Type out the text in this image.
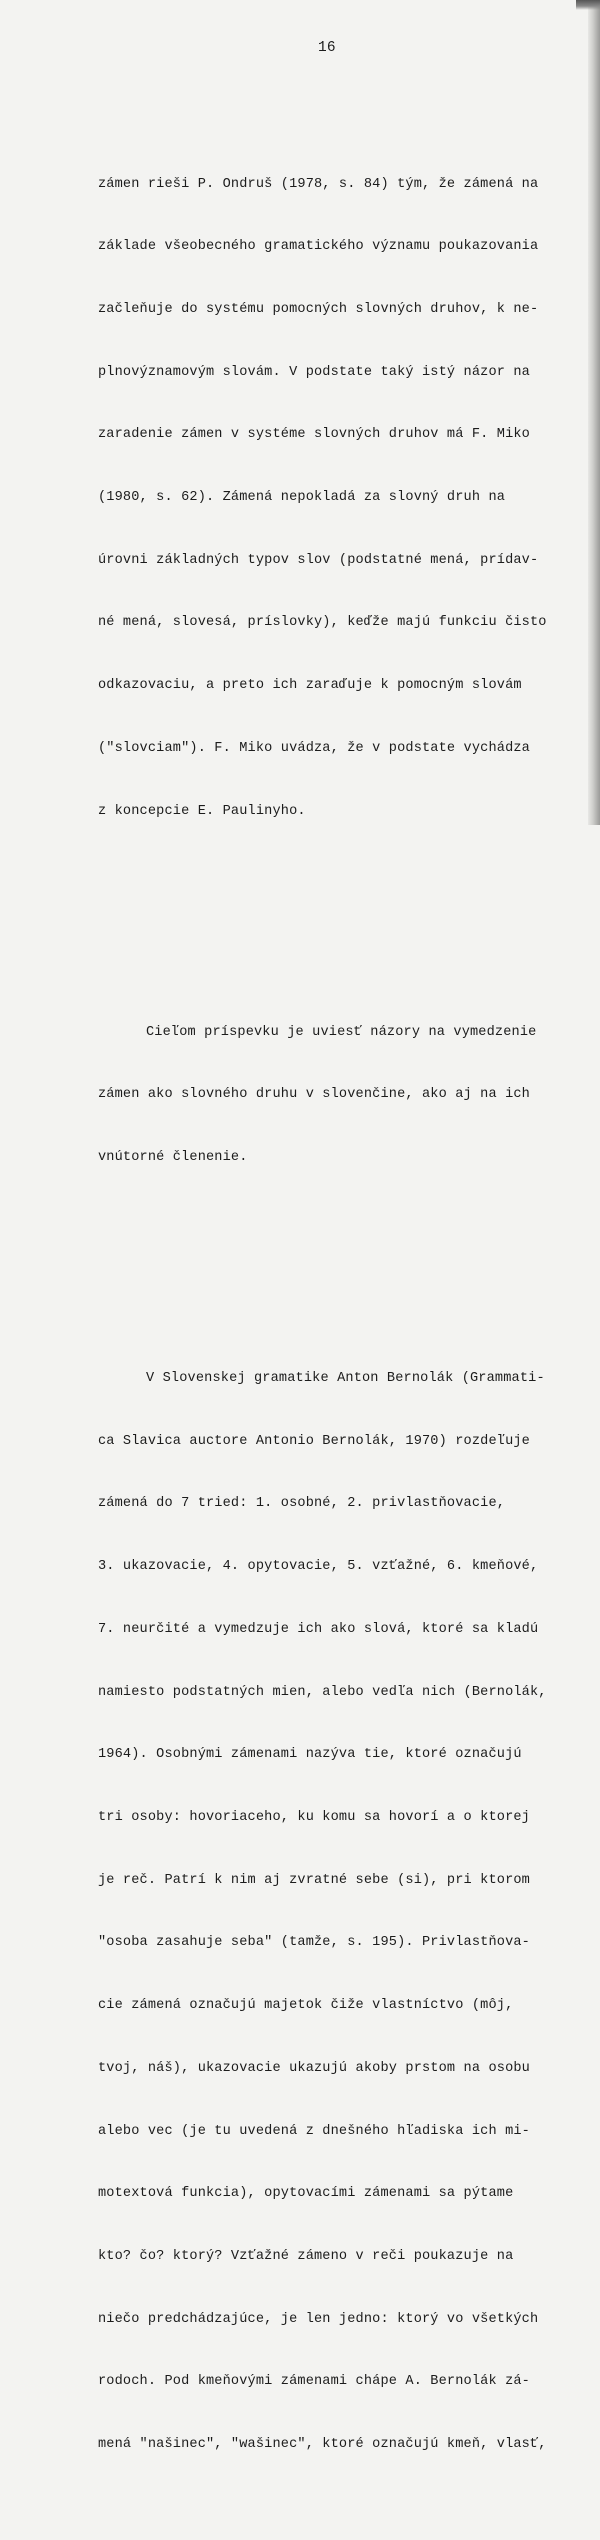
16

zámen rieši P. Ondruš (1978, s. 84) tým, že zámená na

základe všeobecného gramatického významu poukazovania

začleňuje do systému pomocných slovných druhov, k ne-

plnovýznamovým slovám. V podstate taký istý názor na

zaradenie zámen v systéme slovných druhov má F. Miko

(1980, s. 62). Zámená nepokladá za slovný druh na

úrovni základných typov slov (podstatné mená, prídav-

né mená, slovesá, príslovky), keďže majú funkciu čisto

odkazovaciu, a preto ich zaraďuje k pomocným slovám

("slovciam"). F. Miko uvádza, že v podstate vychádza

z koncepcie E. Paulinyho.

Cieľom príspevku je uviesť názory na vymedzenie

zámen ako slovného druhu v slovenčine, ako aj na ich

vnútorné členenie.

V Slovenskej gramatike Anton Bernolák (Grammati-

ca Slavica auctore Antonio Bernolák, 1970) rozdeľuje

zámená do 7 tried: 1. osobné, 2. privlastňovacie,

3. ukazovacie, 4. opytovacie, 5. vzťažné, 6. kmeňové,

7. neurčité a vymedzuje ich ako slová, ktoré sa kladú

namiesto podstatných mien, alebo vedľa nich (Bernolák,

1964). Osobnými zámenami nazýva tie, ktoré označujú

tri osoby: hovoriaceho, ku komu sa hovorí a o ktorej

je reč. Patrí k nim aj zvratné sebe (si), pri ktorom

"osoba zasahuje seba" (tamže, s. 195). Privlastňova-

cie zámená označujú majetok čiže vlastníctvo (môj,

tvoj, náš), ukazovacie ukazujú akoby prstom na osobu

alebo vec (je tu uvedená z dnešného hľadiska ich mi-

motextová funkcia), opytovacími zámenami sa pýtame

kto? čo? ktorý? Vzťažné zámeno v reči poukazuje na

niečo predchádzajúce, je len jedno: ktorý vo všetkých

rodoch. Pod kmeňovými zámenami chápe A. Bernolák zá-

mená "našinec", "wašinec", ktoré označujú kmeň, vlasť,
